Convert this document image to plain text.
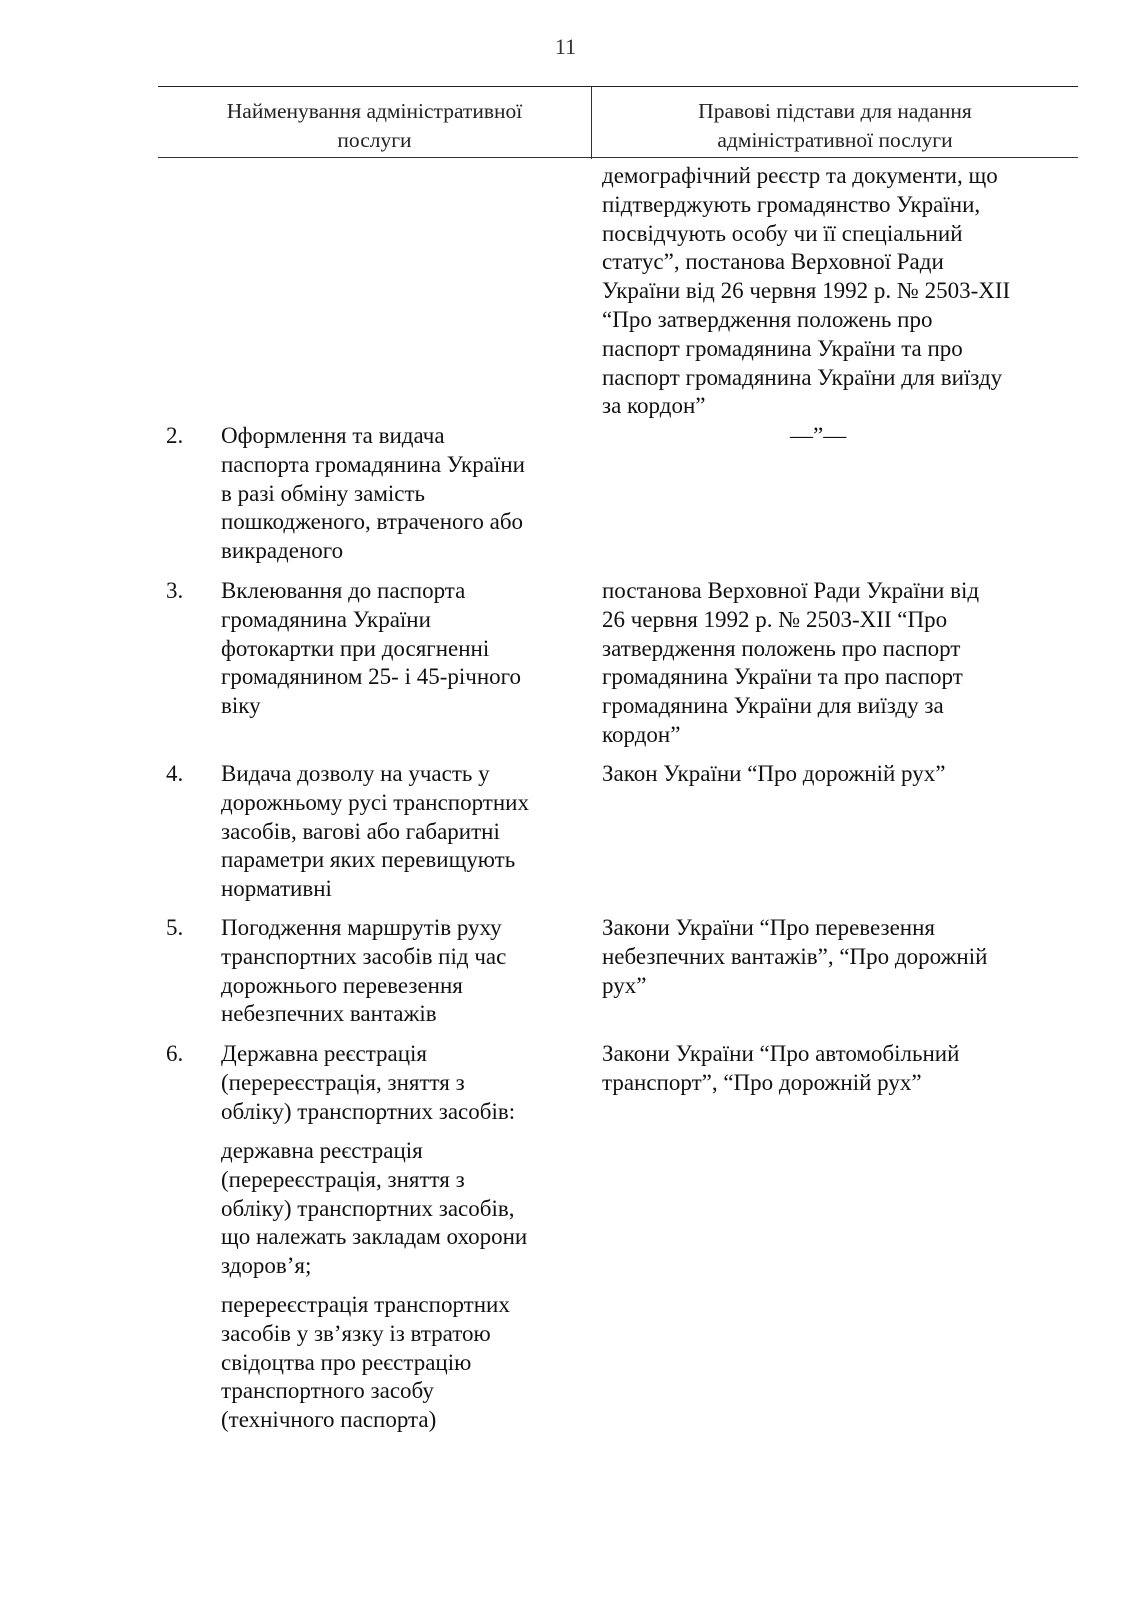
11
Найменування адміністративної
послуги
Правові підстави для надання
адміністративної послуги
демографічний реєстр та документи, що
підтверджують громадянство України,
посвідчують особу чи її спеціальний
статус”, постанова Верховної Ради
України від 26 червня 1992 р. № 2503-XII
“Про затвердження положень про
паспорт громадянина України та про
паспорт громадянина України для виїзду
за кордон”
2. Оформлення та видача
паспорта громадянина України
в разі обміну замість
пошкодженого, втраченого або
викраденого
—”—
3. Вклеювання до паспорта
громадянина України
фотокартки при досягненні
громадянином 25- і 45-річного
віку
постанова Верховної Ради України від
26 червня 1992 р. № 2503-XII “Про
затвердження положень про паспорт
громадянина України та про паспорт
громадянина України для виїзду за
кордон”
4. Видача дозволу на участь у
дорожньому русі транспортних
засобів, вагові або габаритні
параметри яких перевищують
нормативні
Закон України “Про дорожній рух”
5. Погодження маршрутів руху
транспортних засобів під час
дорожнього перевезення
небезпечних вантажів
Закони України “Про перевезення
небезпечних вантажів”, “Про дорожній
рух”
6. Державна реєстрація
(перереєстрація, зняття з
обліку) транспортних засобів:
Закони України “Про автомобільний
транспорт”, “Про дорожній рух”
державна реєстрація
(перереєстрація, зняття з
обліку) транспортних засобів,
що належать закладам охорони
здоров’я;
перереєстрація транспортних
засобів у зв’язку із втратою
свідоцтва про реєстрацію
транспортного засобу
(технічного паспорта)
